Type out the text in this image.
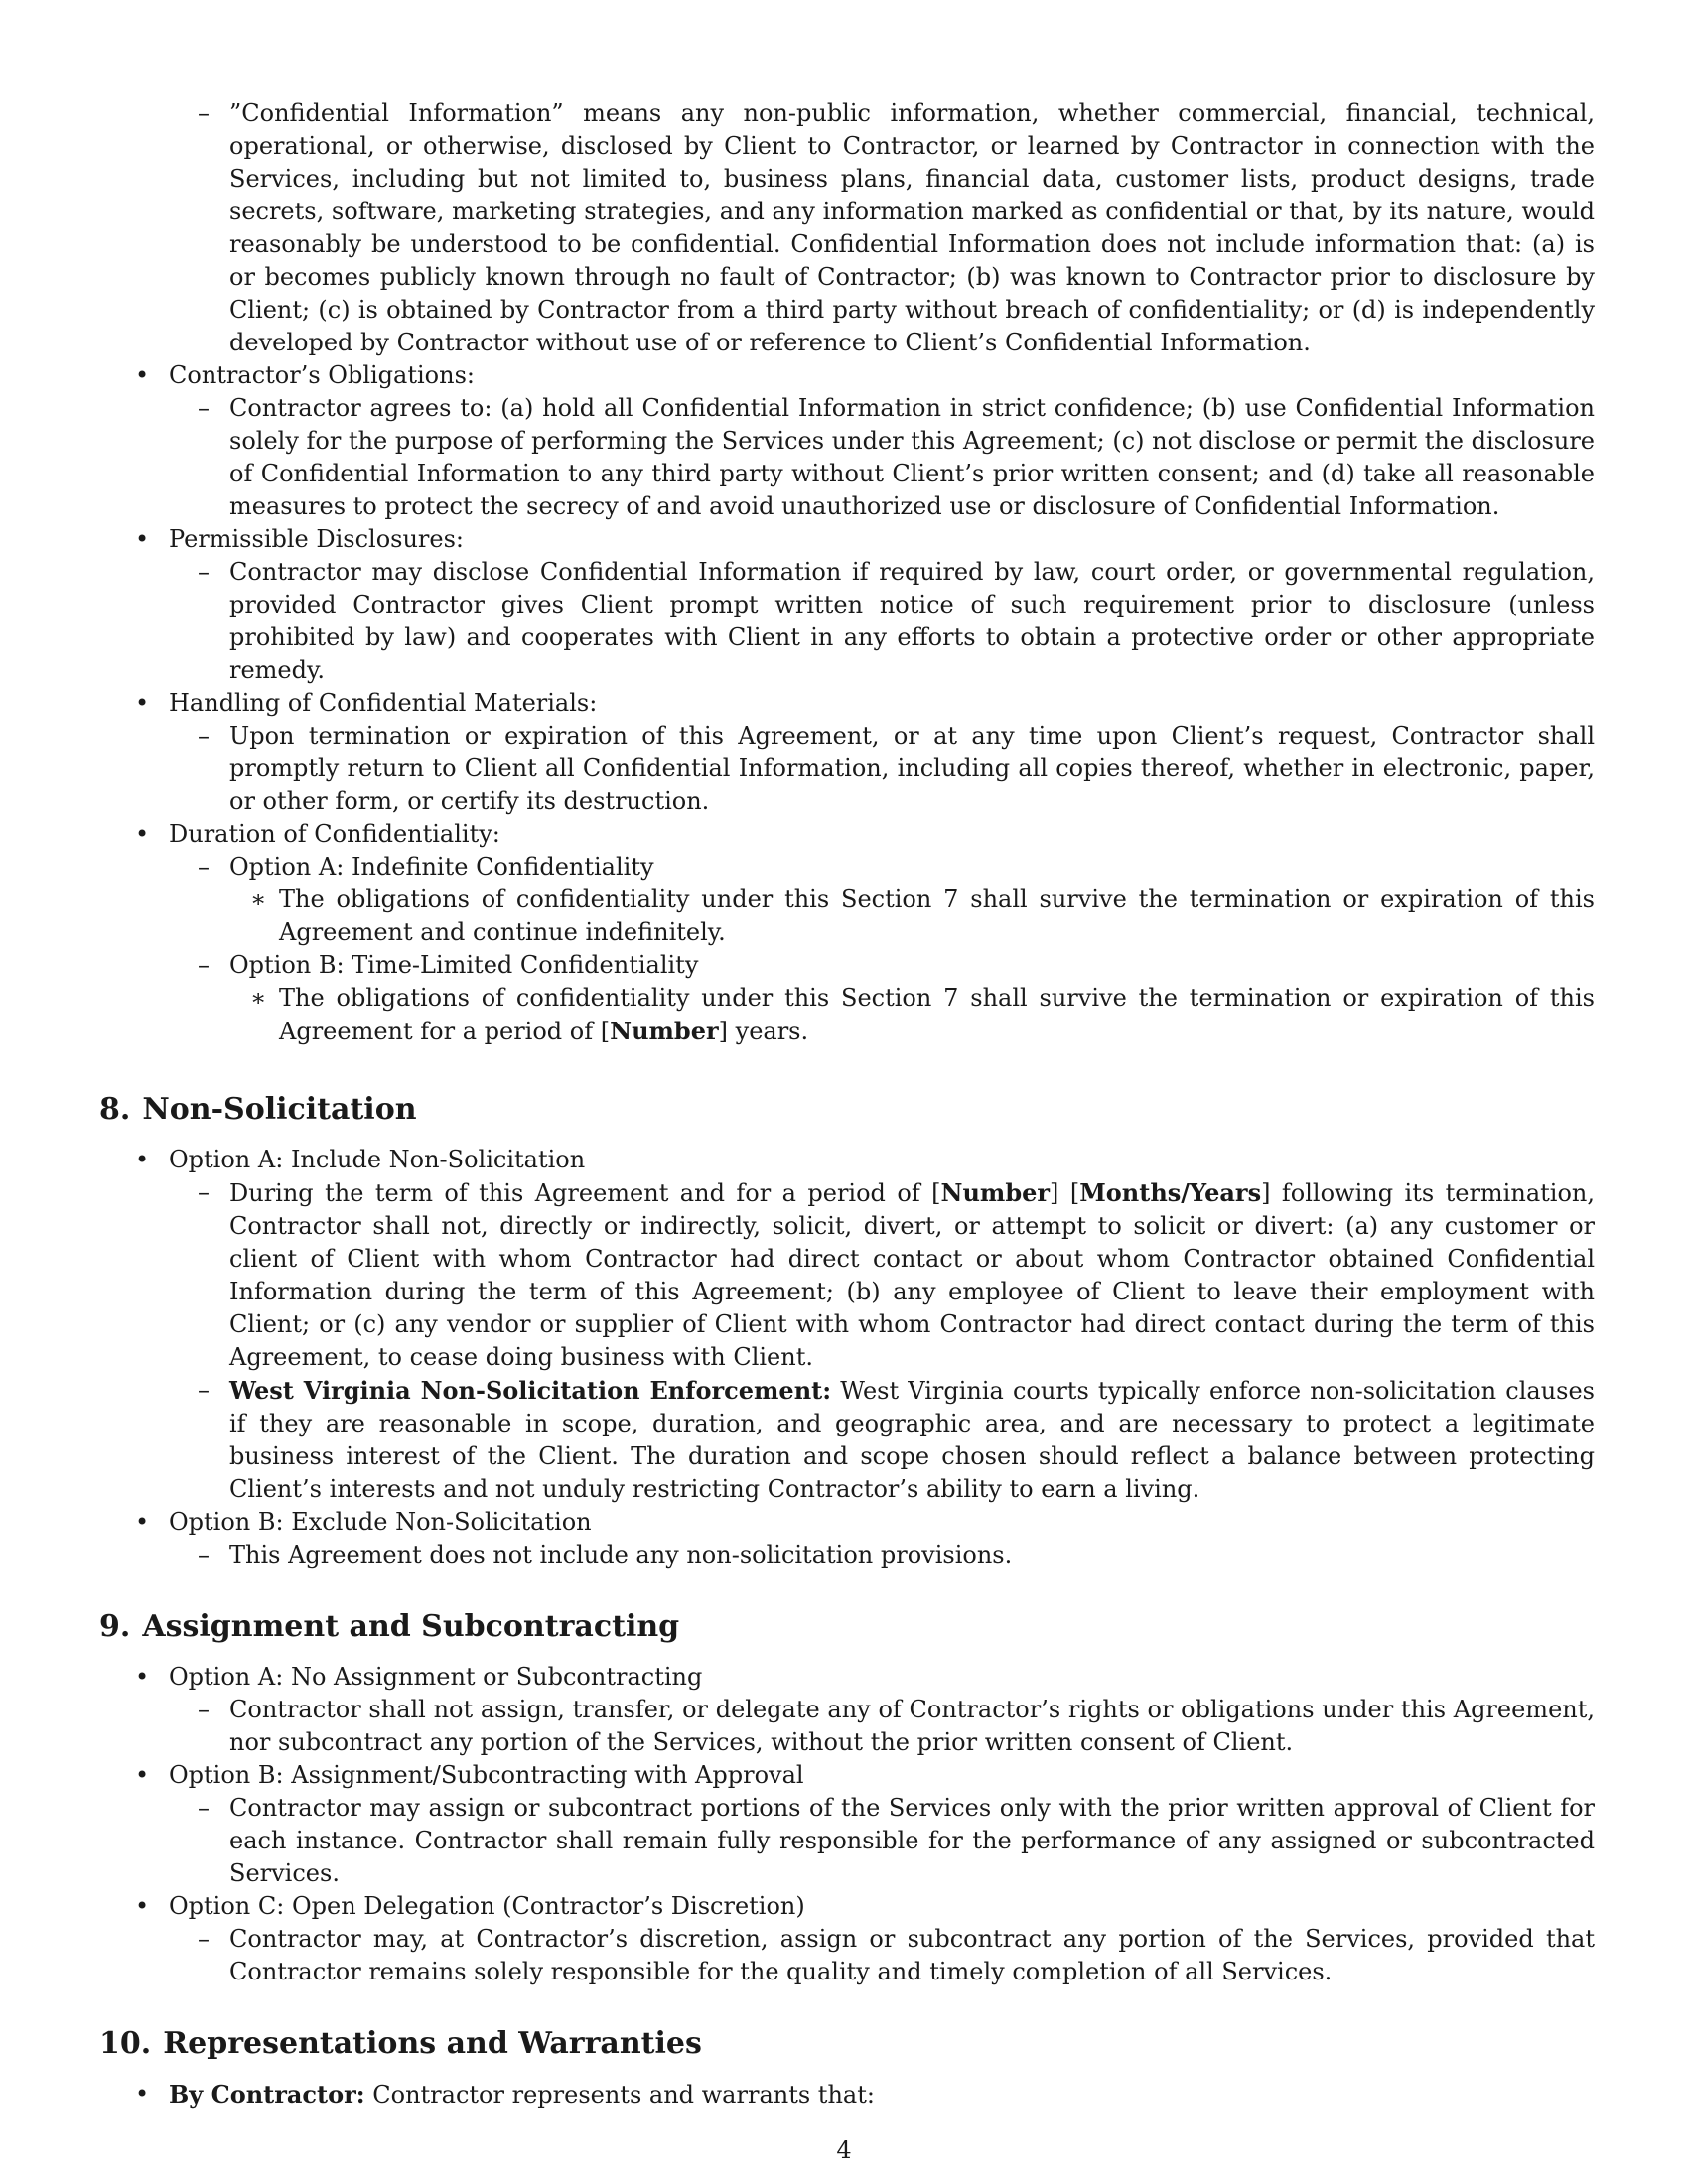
– ”Confidential Information” means any non-public information, whether commercial, financial, technical, operational, or otherwise, disclosed by Client to Contractor, or learned by Contractor in connection with the Services, including but not limited to, business plans, financial data, customer lists, product designs, trade secrets, software, marketing strategies, and any information marked as confidential or that, by its nature, would reasonably be understood to be confidential. Confidential Information does not include information that: (a) is or becomes publicly known through no fault of Contractor; (b) was known to Contractor prior to disclosure by Client; (c) is obtained by Contractor from a third party without breach of confidentiality; or (d) is independently developed by Contractor without use of or reference to Client’s Confidential Information.
• Contractor’s Obligations:
– Contractor agrees to: (a) hold all Confidential Information in strict confidence; (b) use Confidential Information solely for the purpose of performing the Services under this Agreement; (c) not disclose or permit the disclosure of Confidential Information to any third party without Client’s prior written consent; and (d) take all reasonable measures to protect the secrecy of and avoid unauthorized use or disclosure of Confidential Information.
• Permissible Disclosures:
– Contractor may disclose Confidential Information if required by law, court order, or governmental regulation, provided Contractor gives Client prompt written notice of such requirement prior to disclosure (unless prohibited by law) and cooperates with Client in any efforts to obtain a protective order or other appropriate remedy.
• Handling of Confidential Materials:
– Upon termination or expiration of this Agreement, or at any time upon Client’s request, Contractor shall promptly return to Client all Confidential Information, including all copies thereof, whether in electronic, paper, or other form, or certify its destruction.
• Duration of Confidentiality:
– Option A: Indefinite Confidentiality
∗ The obligations of confidentiality under this Section 7 shall survive the termination or expiration of this Agreement and continue indefinitely.
– Option B: Time-Limited Confidentiality
∗ The obligations of confidentiality under this Section 7 shall survive the termination or expiration of this Agreement for a period of [Number] years.
8. Non-Solicitation
• Option A: Include Non-Solicitation
– During the term of this Agreement and for a period of [Number] [Months/Years] following its termination, Contractor shall not, directly or indirectly, solicit, divert, or attempt to solicit or divert: (a) any customer or client of Client with whom Contractor had direct contact or about whom Contractor obtained Confidential Information during the term of this Agreement; (b) any employee of Client to leave their employment with Client; or (c) any vendor or supplier of Client with whom Contractor had direct contact during the term of this Agreement, to cease doing business with Client.
– West Virginia Non-Solicitation Enforcement: West Virginia courts typically enforce non-solicitation clauses if they are reasonable in scope, duration, and geographic area, and are necessary to protect a legitimate business interest of the Client. The duration and scope chosen should reflect a balance between protecting Client’s interests and not unduly restricting Contractor’s ability to earn a living.
• Option B: Exclude Non-Solicitation
– This Agreement does not include any non-solicitation provisions.
9. Assignment and Subcontracting
• Option A: No Assignment or Subcontracting
– Contractor shall not assign, transfer, or delegate any of Contractor’s rights or obligations under this Agreement, nor subcontract any portion of the Services, without the prior written consent of Client.
• Option B: Assignment/Subcontracting with Approval
– Contractor may assign or subcontract portions of the Services only with the prior written approval of Client for each instance. Contractor shall remain fully responsible for the performance of any assigned or subcontracted Services.
• Option C: Open Delegation (Contractor’s Discretion)
– Contractor may, at Contractor’s discretion, assign or subcontract any portion of the Services, provided that Contractor remains solely responsible for the quality and timely completion of all Services.
10. Representations and Warranties
• By Contractor: Contractor represents and warrants that:
4
